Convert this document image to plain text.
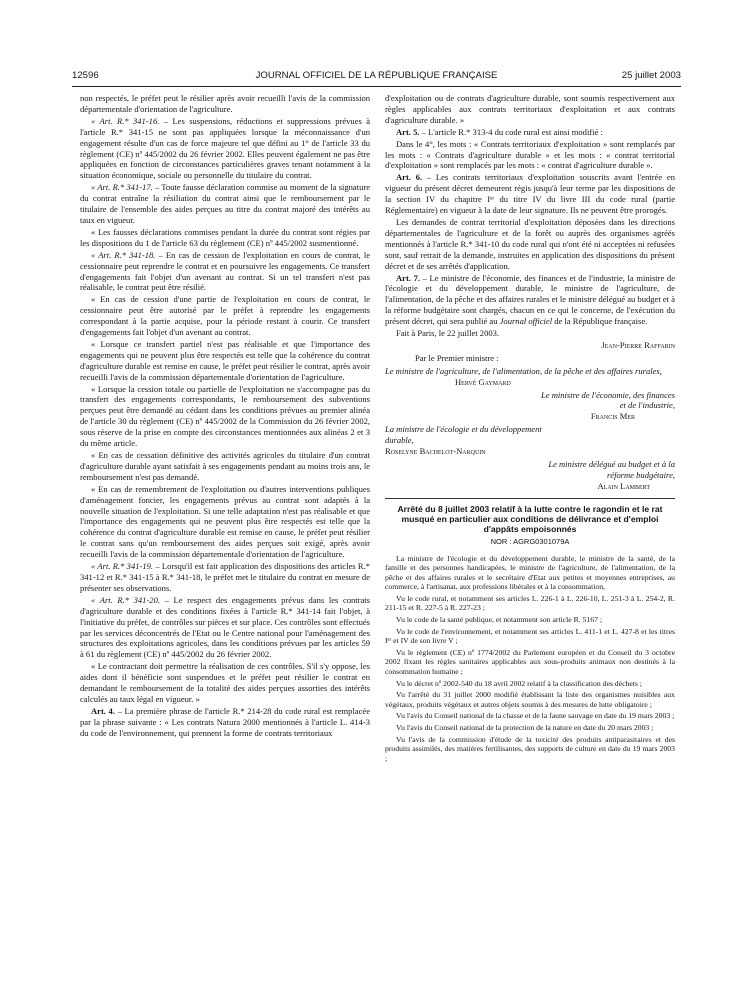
12596	JOURNAL OFFICIEL DE LA RÉPUBLIQUE FRANÇAISE	25 juillet 2003

non respectés, le préfet peut le résilier après avoir recueilli l'avis de la commission départementale d'orientation de l'agriculture.

« Art. R.* 341-16. – Les suspensions, réductions et suppressions prévues à l'article R.* 341-15 ne sont pas appliquées lorsque la méconnaissance d'un engagement résulte d'un cas de force majeure tel que défini au 1° de l'article 33 du règlement (CE) nº 445/2002 du 26 février 2002. Elles peuvent également ne pas être appliquées en fonction de circonstances particulières graves tenant notamment à la situation économique, sociale ou personnelle du titulaire du contrat.

« Art. R.* 341-17. – Toute fausse déclaration commise au moment de la signature du contrat entraîne la résiliation du contrat ainsi que le remboursement par le titulaire de l'ensemble des aides perçues au titre du contrat majoré des intérêts au taux en vigueur.

« Les fausses déclarations commises pendant la durée du contrat sont régies par les dispositions du 1 de l'article 63 du règlement (CE) nº 445/2002 susmentionné.

« Art. R.* 341-18. – En cas de cession de l'exploitation en cours de contrat, le cessionnaire peut reprendre le contrat et en poursuivre les engagements. Ce transfert d'engagements fait l'objet d'un avenant au contrat. Si un tel transfert n'est pas réalisable, le contrat peut être résilié.

« En cas de cession d'une partie de l'exploitation en cours de contrat, le cessionnaire peut être autorisé par le préfet à reprendre les engagements correspondant à la partie acquise, pour la période restant à courir. Ce transfert d'engagements fait l'objet d'un avenant au contrat.

« Lorsque ce transfert partiel n'est pas réalisable et que l'importance des engagements qui ne peuvent plus être respectés est telle que la cohérence du contrat d'agriculture durable est remise en cause, le préfet peut résilier le contrat, après avoir recueilli l'avis de la commission départementale d'orientation de l'agriculture.

« Lorsque la cession totale ou partielle de l'exploitation ne s'accompagne pas du transfert des engagements correspondants, le remboursement des subventions perçues peut être demandé au cédant dans les conditions prévues au premier alinéa de l'article 30 du règlement (CE) nº 445/2002 de la Commission du 26 février 2002, sous réserve de la prise en compte des circonstances mentionnées aux alinéas 2 et 3 du même article.

« En cas de cessation définitive des activités agricoles du titulaire d'un contrat d'agriculture durable ayant satisfait à ses engagements pendant au moins trois ans, le remboursement n'est pas demandé.

« En cas de remembrement de l'exploitation ou d'autres interventions publiques d'aménagement foncier, les engagements prévus au contrat sont adaptés à la nouvelle situation de l'exploitation. Si une telle adaptation n'est pas réalisable et que l'importance des engagements qui ne peuvent plus être respectés est telle que la cohérence du contrat d'agriculture durable est remise en cause, le préfet peut résilier le contrat sans qu'un remboursement des aides perçues soit exigé, après avoir recueilli l'avis de la commission départementale d'orientation de l'agriculture.

« Art. R.* 341-19. – Lorsqu'il est fait application des dispositions des articles R.* 341-12 et R.* 341-15 à R.* 341-18, le préfet met le titulaire du contrat en mesure de présenter ses observations.

« Art. R.* 341-20. – Le respect des engagements prévus dans les contrats d'agriculture durable et des conditions fixées à l'article R.* 341-14 fait l'objet, à l'initiative du préfet, de contrôles sur pièces et sur place. Ces contrôles sont effectués par les services déconcentrés de l'Etat ou le Centre national pour l'aménagement des structures des exploitations agricoles, dans les conditions prévues par les articles 59 à 61 du règlement (CE) nº 445/2002 du 26 février 2002.

« Le contractant doit permettre la réalisation de ces contrôles. S'il s'y oppose, les aides dont il bénéficie sont suspendues et le préfet peut résilier le contrat en demandant le remboursement de la totalité des aides perçues assorties des intérêts calculés au taux légal en vigueur. »

Art. 4. – La première phrase de l'article R.* 214-28 du code rural est remplacée par la phrase suivante : « Les contrats Natura 2000 mentionnés à l'article L. 414-3 du code de l'environnement, qui prennent la forme de contrats territoriaux

d'exploitation ou de contrats d'agriculture durable, sont soumis respectivement aux règles applicables aux contrats territoriaux d'exploitation et aux contrats d'agriculture durable. »

Art. 5. – L'article R.* 313-4 du code rural est ainsi modifié :

Dans le 4°, les mots : « Contrats territoriaux d'exploitation » sont remplacés par les mots : « Contrats d'agriculture durable » et les mots : « contrat territorial d'exploitation » sont remplacés par les mots : « contrat d'agriculture durable ».

Art. 6. – Les contrats territoriaux d'exploitation souscrits avant l'entrée en vigueur du présent décret demeurent régis jusqu'à leur terme par les dispositions de la section IV du chapitre Iᵉʳ du titre IV du livre III du code rural (partie Réglementaire) en vigueur à la date de leur signature. Ils ne peuvent être prorogés.

Les demandes de contrat territorial d'exploitation déposées dans les directions départementales de l'agriculture et de la forêt ou auprès des organismes agréés mentionnés à l'article R.* 341-10 du code rural qui n'ont été ni acceptées ni refusées sont, sauf retrait de la demande, instruites en application des dispositions du présent décret et de ses arrêtés d'application.

Art. 7. – Le ministre de l'économie, des finances et de l'industrie, la ministre de l'écologie et du développement durable, le ministre de l'agriculture, de l'alimentation, de la pêche et des affaires rurales et le ministre délégué au budget et à la réforme budgétaire sont chargés, chacun en ce qui le concerne, de l'exécution du présent décret, qui sera publié au Journal officiel de la République française.

Fait à Paris, le 22 juillet 2003.

Jean-Pierre Raffarin

Par le Premier ministre :

Le ministre de l'agriculture, de l'alimentation, de la pêche et des affaires rurales,

Hervé Gaymard

Le ministre de l'économie, des finances et de l'industrie,

Francis Mer

La ministre de l'écologie et du développement durable,

Roselyne Bachelot-Narquin

Le ministre délégué au budget et à la réforme budgétaire,

Alain Lambert

Arrêté du 8 juillet 2003 relatif à la lutte contre le ragondin et le rat musqué en particulier aux conditions de délivrance et d'emploi d'appâts empoisonnés
NOR : AGRG0301079A

La ministre de l'écologie et du développement durable, le ministre de la santé, de la famille et des personnes handicapées, le ministre de l'agriculture, de l'alimentation, de la pêche et des affaires rurales et le secrétaire d'Etat aux petites et moyennes entreprises, au commerce, à l'artisanat, aux professions libérales et à la consommation,

Vu le code rural, et notamment ses articles L. 226-1 à L. 226-10, L. 251-3 à L. 254-2, R. 211-15 et R. 227-5 à R. 227-23 ;

Vu le code de la santé publique, et notamment son article R. 5167 ;

Vu le code de l'environnement, et notamment ses articles L. 411-1 et L. 427-8 et les titres Iᵉʳ et IV de son livre V ;

Vu le règlement (CE) nº 1774/2002 du Parlement européen et du Conseil du 3 octobre 2002 fixant les règles sanitaires applicables aux sous-produits animaux non destinés à la consommation humaine ;

Vu le décret nº 2002-540 du 18 avril 2002 relatif à la classification des déchets ;

Vu l'arrêté du 31 juillet 2000 modifié établissant la liste des organismes nuisibles aux végétaux, produits végétaux et autres objets soumis à des mesures de lutte obligatoire ;

Vu l'avis du Conseil national de la chasse et de la faune sauvage en date du 19 mars 2003 ;

Vu l'avis du Conseil national de la protection de la nature en date du 20 mars 2003 ;

Vu l'avis de la commission d'étude de la toxicité des produits antiparasitaires et des produits assimilés, des matières fertilisantes, des supports de culture en date du 19 mars 2003 ;
